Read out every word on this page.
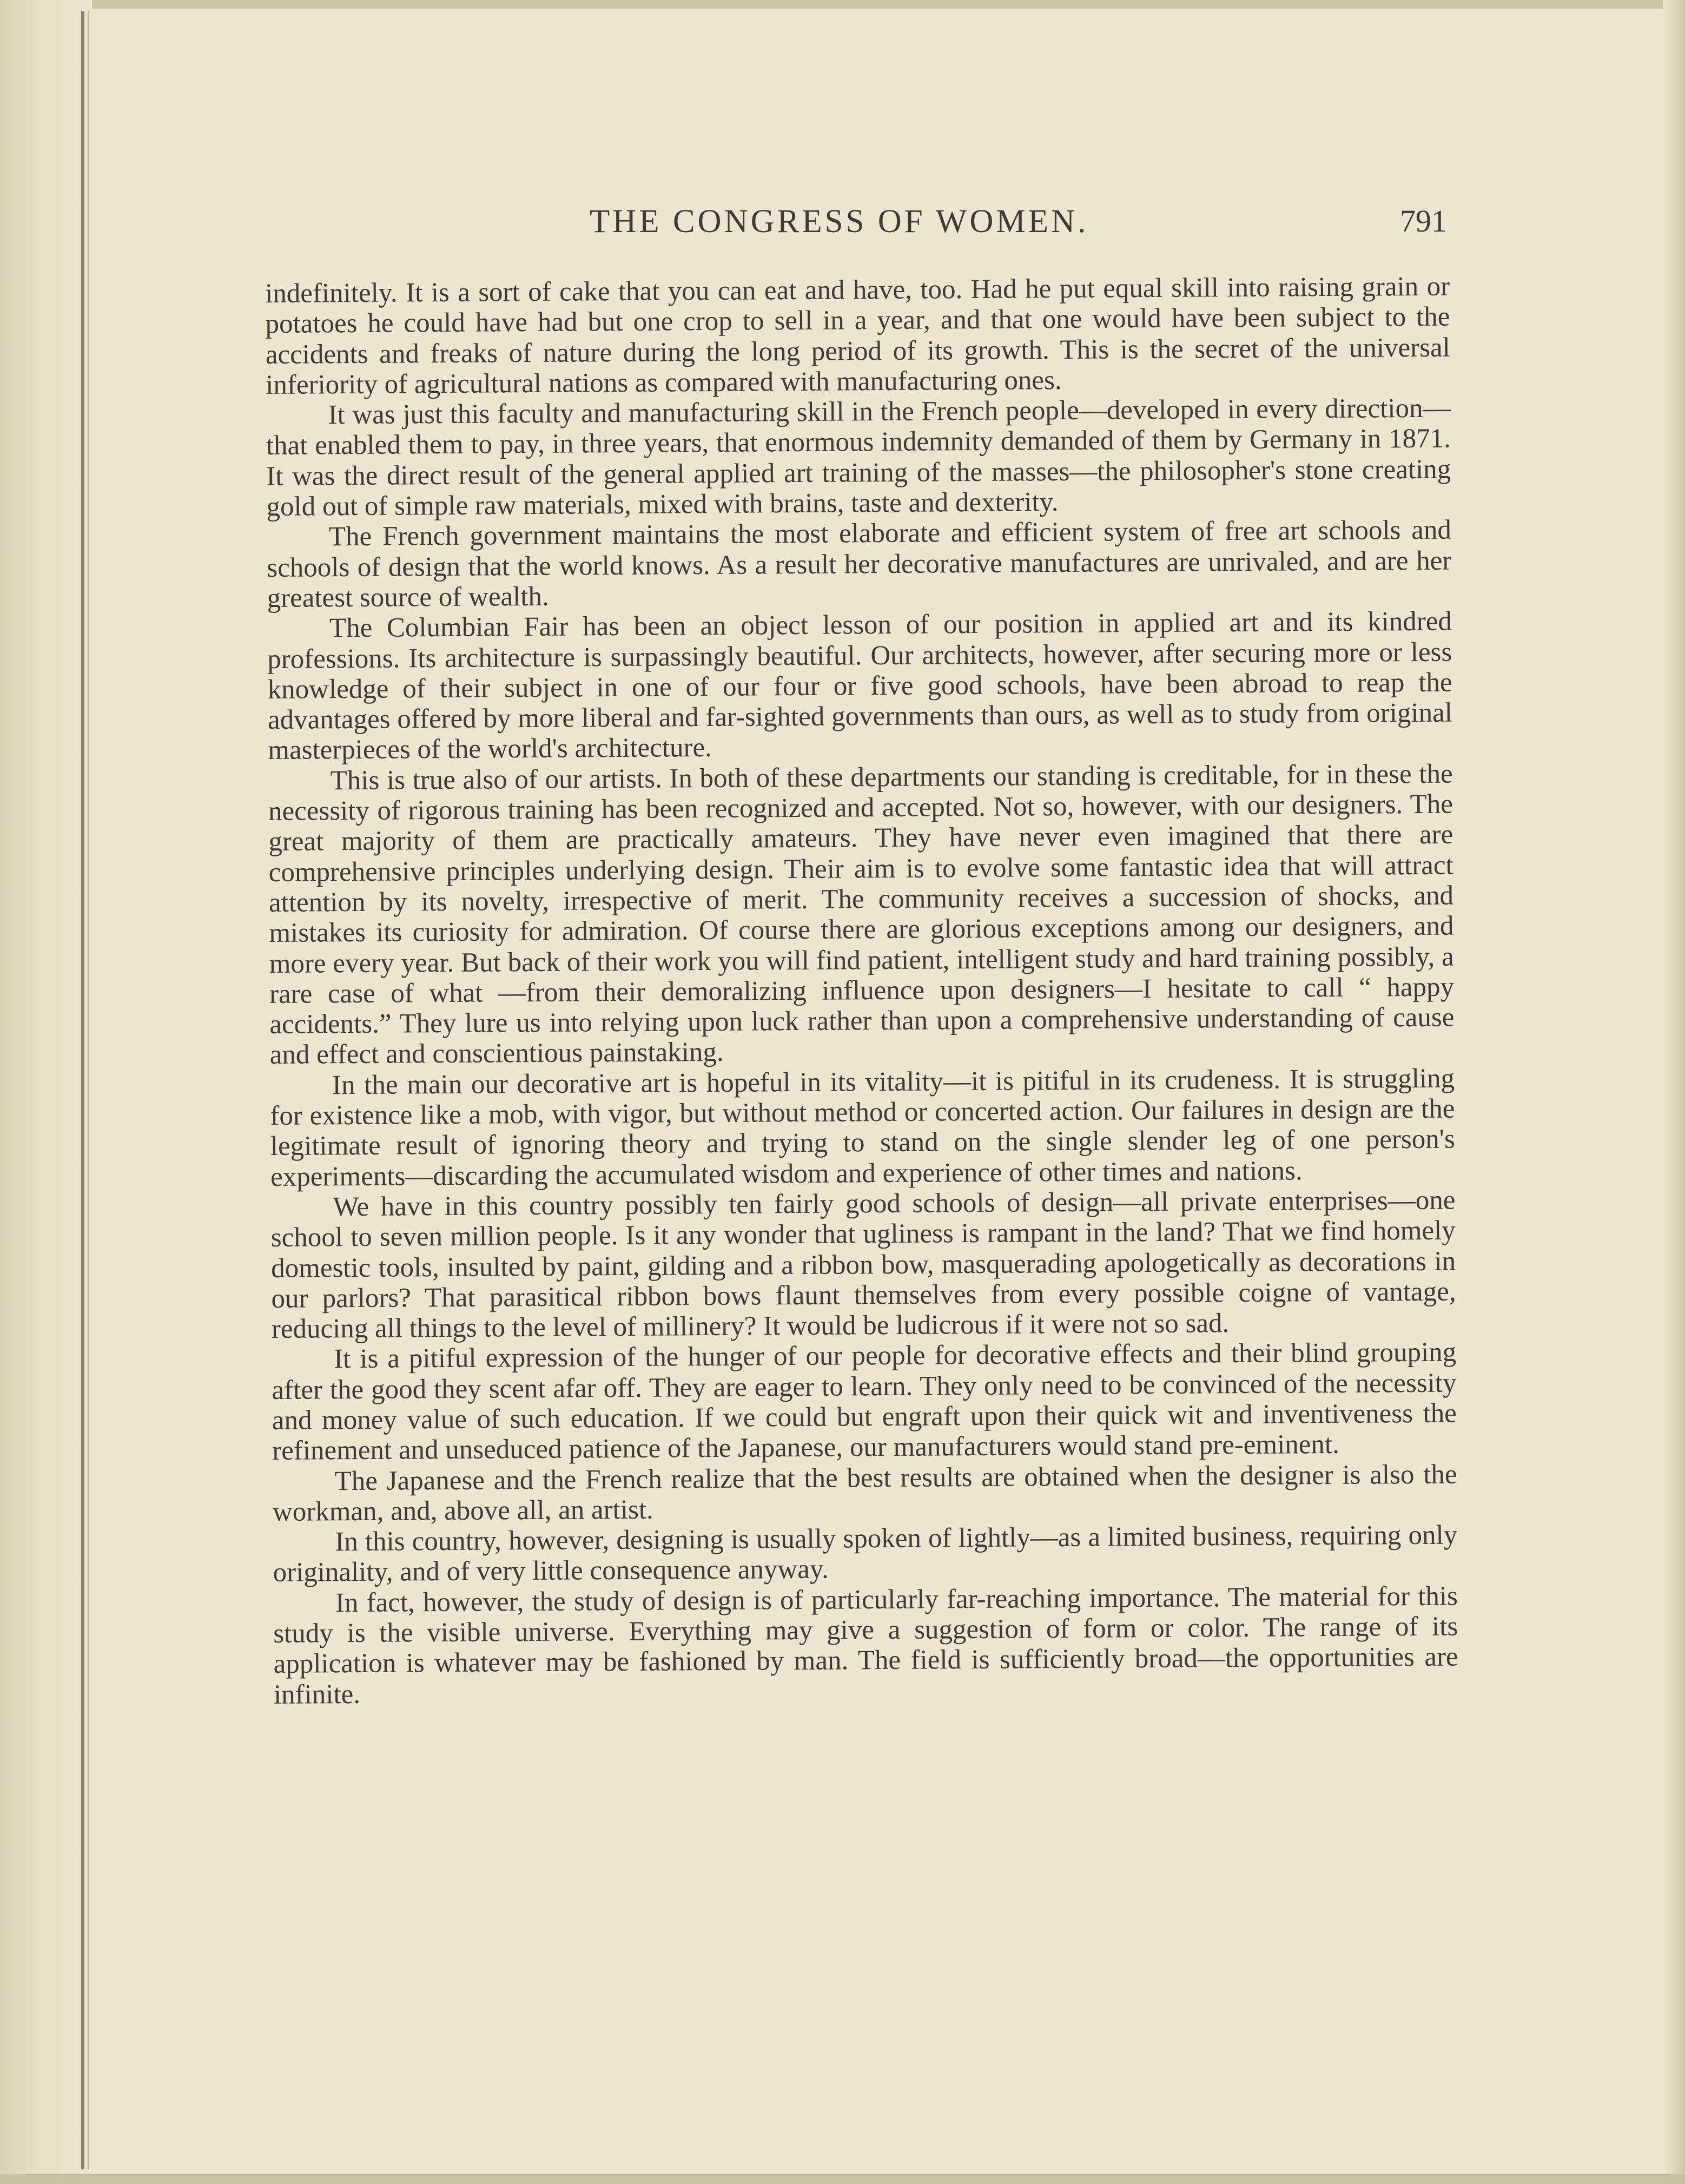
THE CONGRESS OF WOMEN.	791

indefinitely. It is a sort of cake that you can eat and have, too. Had he put equal skill into raising grain or potatoes he could have had but one crop to sell in a year, and that one would have been subject to the accidents and freaks of nature during the long period of its growth. This is the secret of the universal inferiority of agricultural nations as compared with manufacturing ones.

It was just this faculty and manufacturing skill in the French people—developed in every direction—that enabled them to pay, in three years, that enormous indemnity demanded of them by Germany in 1871. It was the direct result of the general applied art training of the masses—the philosopher's stone creating gold out of simple raw materials, mixed with brains, taste and dexterity.

The French government maintains the most elaborate and efficient system of free art schools and schools of design that the world knows. As a result her decorative manufactures are unrivaled, and are her greatest source of wealth.

The Columbian Fair has been an object lesson of our position in applied art and its kindred professions. Its architecture is surpassingly beautiful. Our architects, however, after securing more or less knowledge of their subject in one of our four or five good schools, have been abroad to reap the advantages offered by more liberal and far-sighted governments than ours, as well as to study from original masterpieces of the world's architecture.

This is true also of our artists. In both of these departments our standing is creditable, for in these the necessity of rigorous training has been recognized and accepted. Not so, however, with our designers. The great majority of them are practically amateurs. They have never even imagined that there are comprehensive principles underlying design. Their aim is to evolve some fantastic idea that will attract attention by its novelty, irrespective of merit. The community receives a succession of shocks, and mistakes its curiosity for admiration. Of course there are glorious exceptions among our designers, and more every year. But back of their work you will find patient, intelligent study and hard training possibly, a rare case of what —from their demoralizing influence upon designers—I hesitate to call “ happy accidents.” They lure us into relying upon luck rather than upon a comprehensive understanding of cause and effect and conscientious painstaking.

In the main our decorative art is hopeful in its vitality—it is pitiful in its crudeness. It is struggling for existence like a mob, with vigor, but without method or concerted action. Our failures in design are the legitimate result of ignoring theory and trying to stand on the single slender leg of one person's experiments—discarding the accumulated wisdom and experience of other times and nations.

We have in this country possibly ten fairly good schools of design—all private enterprises—one school to seven million people. Is it any wonder that ugliness is rampant in the land? That we find homely domestic tools, insulted by paint, gilding and a ribbon bow, masquerading apologetically as decorations in our parlors? That parasitical ribbon bows flaunt themselves from every possible coigne of vantage, reducing all things to the level of millinery? It would be ludicrous if it were not so sad.

It is a pitiful expression of the hunger of our people for decorative effects and their blind grouping after the good they scent afar off. They are eager to learn. They only need to be convinced of the necessity and money value of such education. If we could but engraft upon their quick wit and inventiveness the refinement and unseduced patience of the Japanese, our manufacturers would stand pre-eminent.

The Japanese and the French realize that the best results are obtained when the designer is also the workman, and, above all, an artist.

In this country, however, designing is usually spoken of lightly—as a limited business, requiring only originality, and of very little consequence anyway.

In fact, however, the study of design is of particularly far-reaching importance. The material for this study is the visible universe. Everything may give a suggestion of form or color. The range of its application is whatever may be fashioned by man. The field is sufficiently broad—the opportunities are infinite.
